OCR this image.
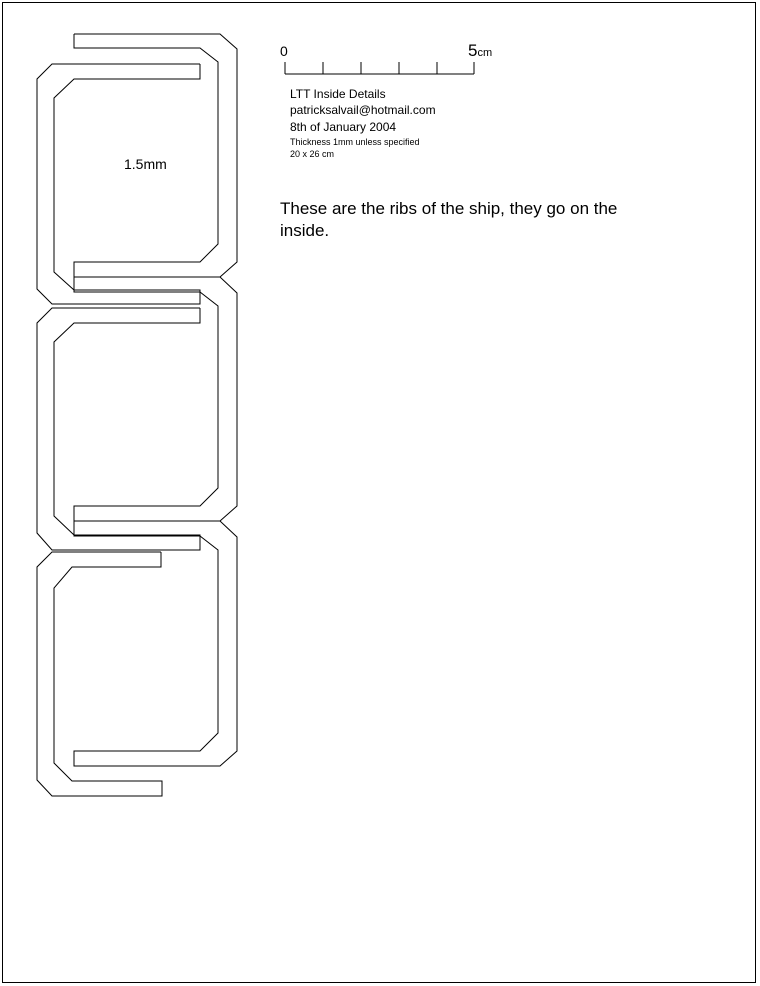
0	5cm
LTT Inside Details
patricksalvail@hotmail.com
8th of January 2004
Thickness 1mm unless specified
20 x 26 cm
These are the ribs of the ship, they go on the inside.
1.5mm
